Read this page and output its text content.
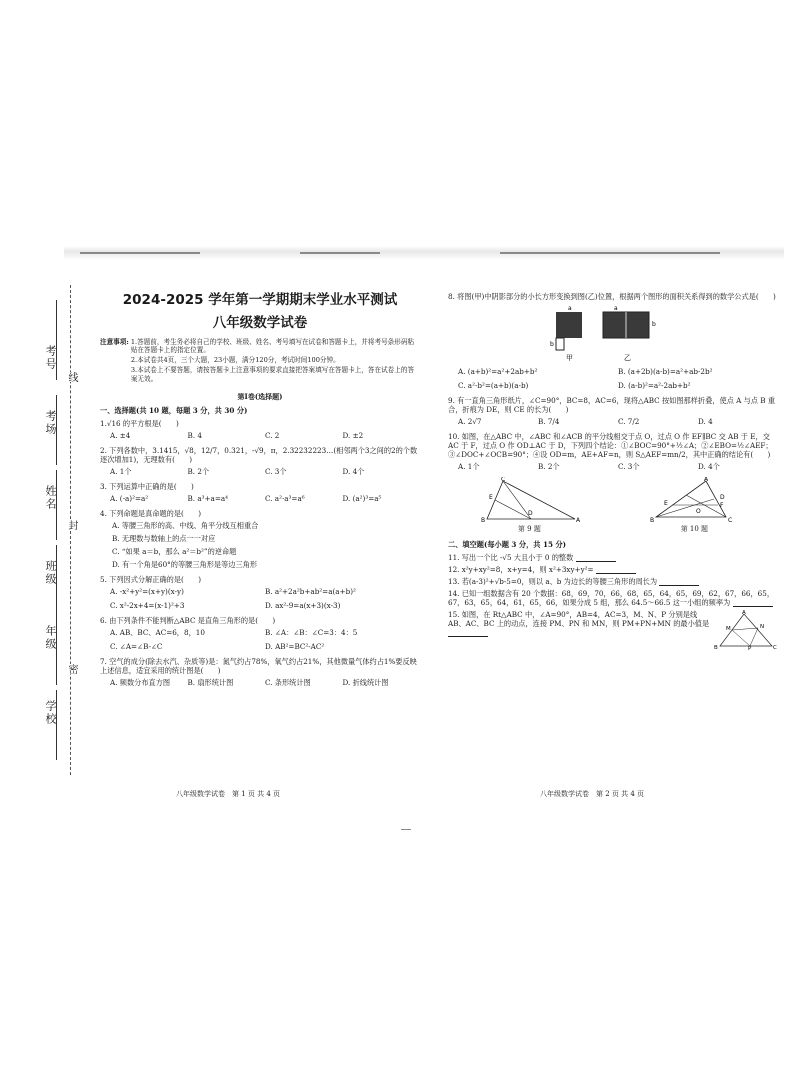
考号
考场
姓名
班级
年级
学校
线
封
密
2024-2025 学年第一学期期末学业水平测试
八年级数学试卷
注意事项: 1.答题前，考生务必将自己的学校、班级、姓名、考号填写在试卷和答题卡上，并将考号条形码粘贴在答题卡上的指定位置。
2.本试卷共4页，三个大题，23小题，满分120分，考试时间100分钟。
3.本试卷上不要答题，请按答题卡上注意事项的要求直接把答案填写在答题卡上，答在试卷上的答案无效。
第Ⅰ卷(选择题)
一、选择题(共 10 题，每题 3 分，共 30 分)
1.√16 的平方根是(　　)
A. ±4	B. 4	C. 2	D. ±2
2. 下列各数中，3.1415，√8，12/7，0.321，-√9，π，2.32232223…(相邻两个3之间的2的个数逐次增加1)，无理数有(　　)
A. 1个	B. 2个	C. 3个	D. 4个
3. 下列运算中正确的是(　　)
A. (-a)²=a²	B. a³+a=a⁴	C. a²·a³=a⁶	D. (a²)³=a⁵
4. 下列命题是真命题的是(　　)
A. 等腰三角形的高、中线、角平分线互相重合
B. 无理数与数轴上的点一一对应
C. “如果 a＝b，那么 a²＝b²”的逆命题
D. 有一个角是60°的等腰三角形是等边三角形
5. 下列因式分解正确的是(　　)
A. -x²+y²=(x+y)(x-y)	B. a²+2a²b+ab²=a(a+b)²
C. x²-2x+4=(x-1)²+3	D. ax²-9=a(x+3)(x-3)
6. 由下列条件不能判断△ABC 是直角三角形的是(　　)
A. AB、BC、AC=6，8，10	B. ∠A：∠B：∠C=3：4：5
C. ∠A=∠B-∠C	D. AB²=BC²-AC²
7. 空气的成分(除去水汽、杂质等)是：氮气约占78%，氧气约占21%，其他微量气体约占1%要反映上述信息，适宜采用的统计图是(　　)
A. 频数分布直方图	B. 扇形统计图	C. 条形统计图	D. 折线统计图
八年级数学试卷　第 1 页 共 4 页
8. 将图(甲)中阴影部分的小长方形变换到图(乙)位置，根据两个图形的面积关系得到的数学公式是(　　)
a
b
a
b
甲	乙
A. (a+b)²=a²+2ab+b²	B. (a+2b)(a-b)=a²+ab-2b²
C. a²-b²=(a+b)(a-b)	D. (a-b)²=a²-2ab+b²
9. 有一直角三角形纸片，∠C=90°，BC=8，AC=6，现将△ABC 按如图那样折叠，使点 A 与点 B 重合，折痕为 DE，则 CE 的长为(　　)
A. 2√7	B. 7/4	C. 7/2	D. 4
10. 如图，在△ABC 中，∠ABC 和∠ACB 的平分线相交于点 O，过点 O 作 EF∥BC 交 AB 于 E，交 AC 于 F，过点 O 作 OD⊥AC 于 D，下列四个结论：①∠BOC=90°+½∠A；②∠EBO=½∠AEF；③∠DOC+∠OCB=90°；④设 OD=m，AE+AF=n，则 S△AEF=mn/2，其中正确的结论有(　　)
A. 1个	B. 2个	C. 3个	D. 4个
C
B	A
D
E
A
B	C
D
E	F
O
第 9 题	第 10 题
二、填空题(每小题 3 分，共 15 分)
11. 写出一个比 -√5 大且小于 0 的整数
12. x²y+xy²=8，x+y=4，则 x²+3xy+y²=
13. 若(a-3)²+√b-5=0，则以 a、b 为边长的等腰三角形的周长为
14. 已知一组数据含有 20 个数据：68，69，70，66，68，65，64，65，69，62，67，66，65，67，63，65，64，61，65，66，如果分成 5 组，那么 64.5～66.5 这一小组的频率为
15. 如图，在 Rt△ABC 中，∠A=90°，AB=4，AC=3，M、N、P 分别是线 AB、AC、BC 上的动点，连接 PM、PN 和 MN，则 PM+PN+MN 的最小值是
A
B	C
M	N
P
八年级数学试卷　第 2 页 共 4 页
